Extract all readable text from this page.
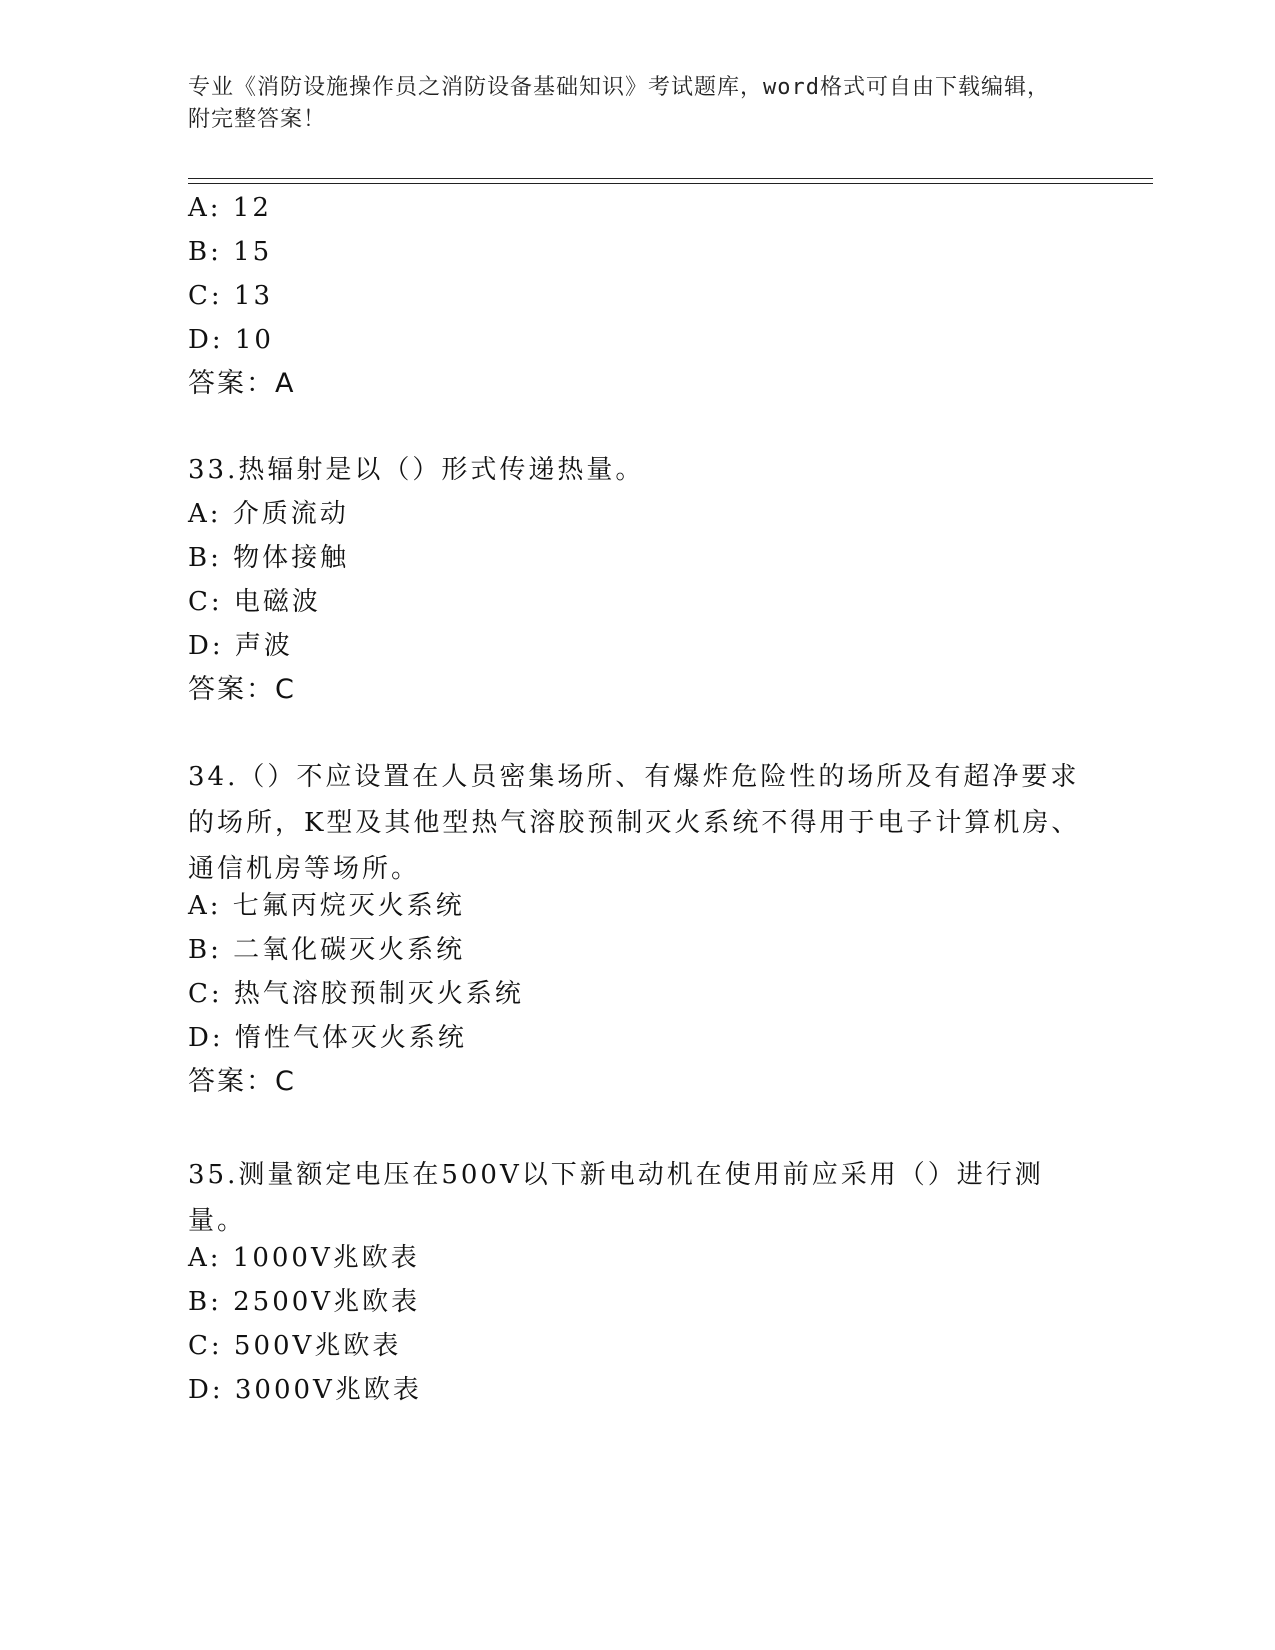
专业《消防设施操作员之消防设备基础知识》考试题库，word格式可自由下载编辑，附完整答案！
A: 12
B: 15
C: 13
D: 10
答案：A
33.热辐射是以（）形式传递热量。
A: 介质流动
B: 物体接触
C: 电磁波
D: 声波
答案：C
34.（）不应设置在人员密集场所、有爆炸危险性的场所及有超净要求的场所，K型及其他型热气溶胶预制灭火系统不得用于电子计算机房、通信机房等场所。
A: 七氟丙烷灭火系统
B: 二氧化碳灭火系统
C: 热气溶胶预制灭火系统
D: 惰性气体灭火系统
答案：C
35.测量额定电压在500V以下新电动机在使用前应采用（）进行测量。
A: 1000V兆欧表
B: 2500V兆欧表
C: 500V兆欧表
D: 3000V兆欧表
